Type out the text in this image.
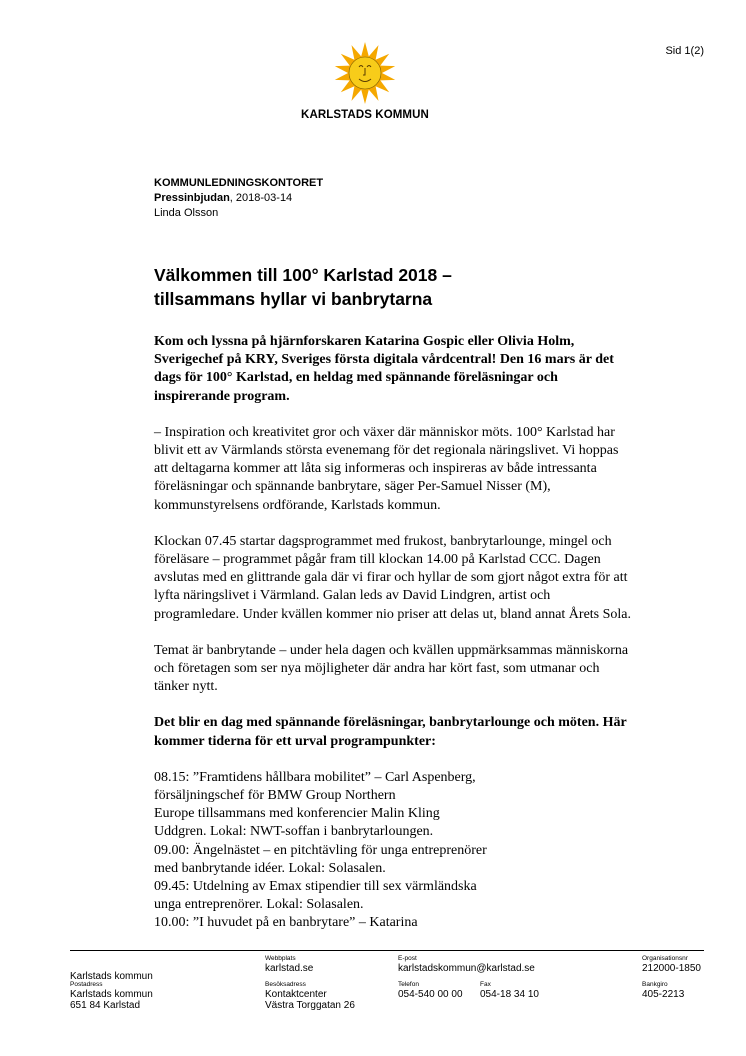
Sid 1(2)
KARLSTADS KOMMUN
KOMMUNLEDNINGSKONTORET
Pressinbjudan, 2018-03-14
Linda Olsson
Välkommen till 100° Karlstad 2018 –
tillsammans hyllar vi banbrytarna

Kom och lyssna på hjärnforskaren Katarina Gospic eller Olivia Holm, Sverigechef på KRY, Sveriges första digitala vårdcentral! Den 16 mars är det dags för 100° Karlstad, en heldag med spännande föreläsningar och inspirerande program.

– Inspiration och kreativitet gror och växer där människor möts. 100° Karlstad har blivit ett av Värmlands största evenemang för det regionala näringslivet. Vi hoppas att deltagarna kommer att låta sig informeras och inspireras av både intressanta föreläsningar och spännande banbrytare, säger Per-Samuel Nisser (M), kommunstyrelsens ordförande, Karlstads kommun.

Klockan 07.45 startar dagsprogrammet med frukost, banbrytarlounge, mingel och föreläsare – programmet pågår fram till klockan 14.00 på Karlstad CCC. Dagen avslutas med en glittrande gala där vi firar och hyllar de som gjort något extra för att lyfta näringslivet i Värmland. Galan leds av David Lindgren, artist och programledare. Under kvällen kommer nio priser att delas ut, bland annat Årets Sola.

Temat är banbrytande – under hela dagen och kvällen uppmärksammas människorna och företagen som ser nya möjligheter där andra har kört fast, som utmanar och tänker nytt.

Det blir en dag med spännande föreläsningar, banbrytarlounge och möten. Här kommer tiderna för ett urval programpunkter:

08.15: ”Framtidens hållbara mobilitet” – Carl Aspenberg,
försäljningschef för BMW Group Northern
Europe tillsammans med konferencier Malin Kling
Uddgren. Lokal: NWT-soffan i banbrytarloungen.
09.00: Ängelnästet – en pitchtävling för unga entreprenörer
med banbrytande idéer. Lokal: Solasalen.
09.45: Utdelning av Emax stipendier till sex värmländska
unga entreprenörer. Lokal: Solasalen.
10.00: ”I huvudet på en banbrytare” – Katarina

Karlstads kommun
Webbplats
karlstad.se
E-post
karlstadskommun@karlstad.se
Organisationsnr
212000-1850
Postadress
Karlstads kommun
651 84 Karlstad
Besöksadress
Kontaktcenter
Västra Torggatan 26
Telefon
054-540 00 00
Fax
054-18 34 10
Bankgiro
405-2213
